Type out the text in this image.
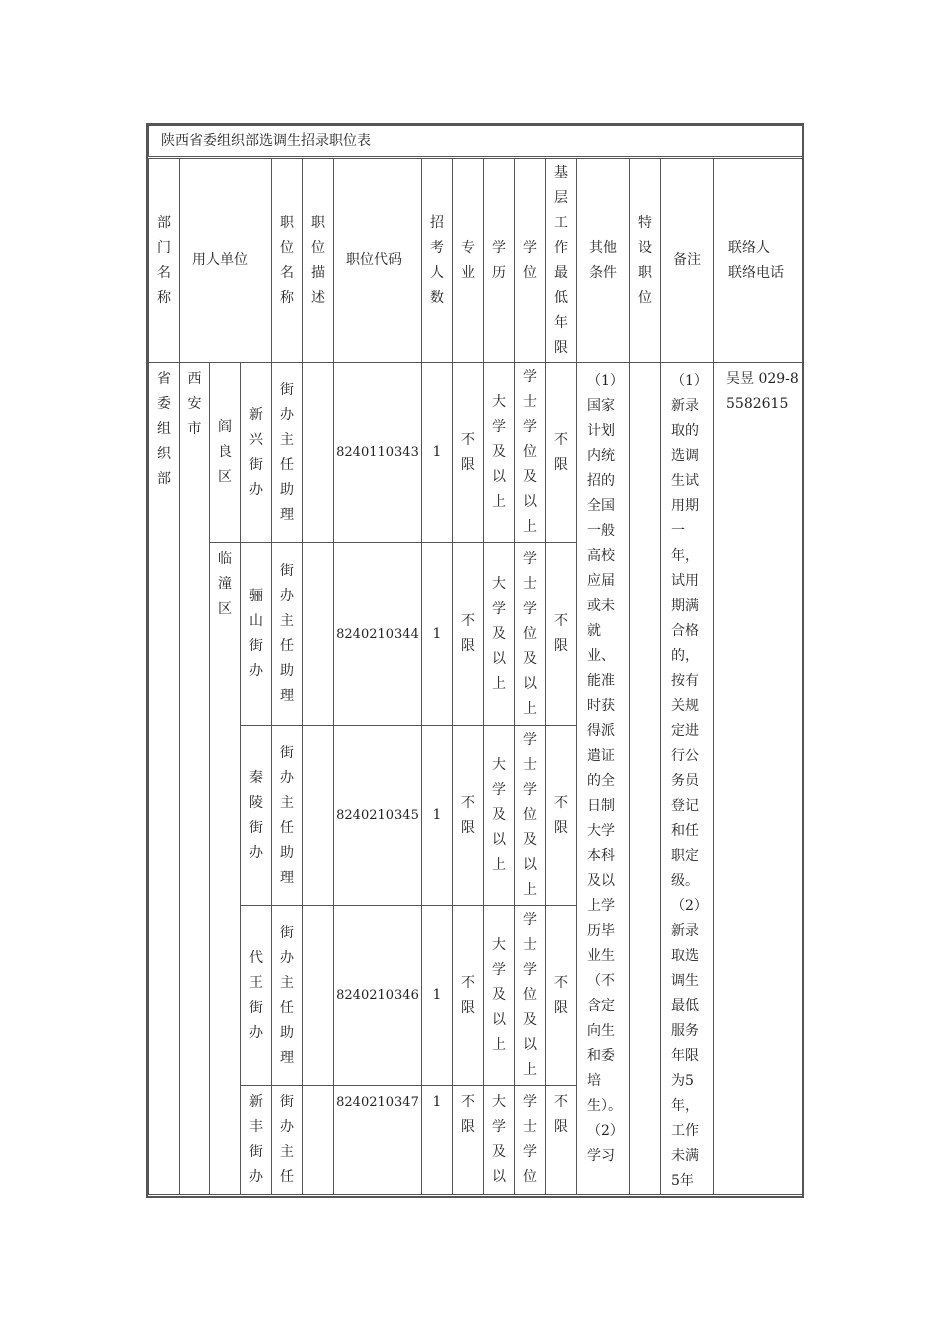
陕西省委组织部选调生招录职位表															

部门名称	用人单位			职位名称	职位描述	职位代码	招考人数	专业	学历	学位	基层工作最低年限	其他条件	特设职位	备注	联络人
联络电话

省委组织部	西安市	阎良区	新兴街办	街办主任助理		8240110343	1	不限	大学及以上	学士学位及以上	不限	（1）国家计划内统招的全国一般高校应届或未就业、能准时获得派遣证的全日制大学本科及以上学历毕业生（不含定向生和委培生）。（2）学习		（1）新录取的选调生试用期一年，试用期满合格的，按有关规定进行公务员登记和任职定级。（2）新录取选调生最低服务年限为5年，工作未满5年	吴昱 029-85582615

		临潼区	骊山街办	街办主任助理		8240210344	1	不限	大学及以上	学士学位及以上	不限				

			秦陵街办	街办主任助理		8240210345	1	不限	大学及以上	学士学位及以上	不限				

			代王街办	街办主任助理		8240210346	1	不限	大学及以上	学士学位及以上	不限				

			新丰街办	街办主任		8240210347	1	不限	大学及以	学士学位	不限				
